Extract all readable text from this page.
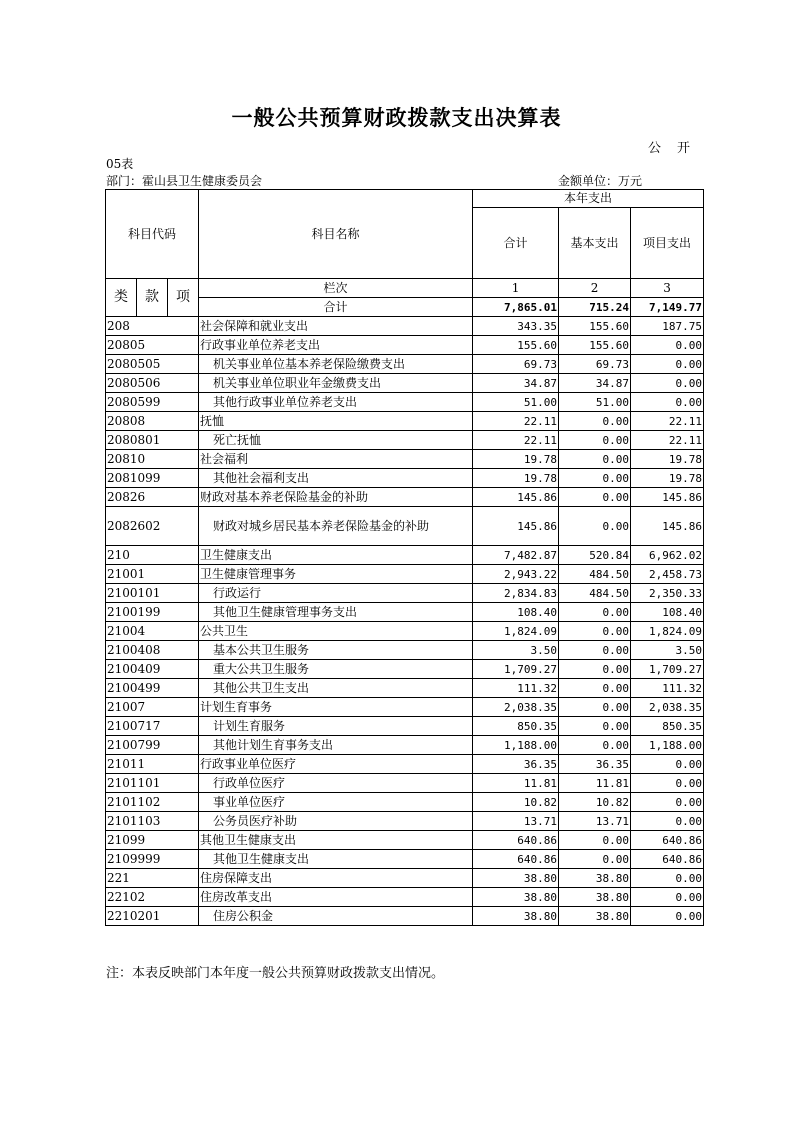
一般公共预算财政拨款支出决算表
公 开
05表
部门：霍山县卫生健康委员会	金额单位：万元
科目代码			科目名称	本年支出		
				合计	基本支出	项目支出
类	款	项	栏次	1	2	3
			合计	7,865.01	715.24	7,149.77
208			社会保障和就业支出	343.35	155.60	187.75
20805			行政事业单位养老支出	155.60	155.60	0.00
2080505			机关事业单位基本养老保险缴费支出	69.73	69.73	0.00
2080506			机关事业单位职业年金缴费支出	34.87	34.87	0.00
2080599			其他行政事业单位养老支出	51.00	51.00	0.00
20808			抚恤	22.11	0.00	22.11
2080801			死亡抚恤	22.11	0.00	22.11
20810			社会福利	19.78	0.00	19.78
2081099			其他社会福利支出	19.78	0.00	19.78
20826			财政对基本养老保险基金的补助	145.86	0.00	145.86
2082602			财政对城乡居民基本养老保险基金的补助	145.86	0.00	145.86
210			卫生健康支出	7,482.87	520.84	6,962.02
21001			卫生健康管理事务	2,943.22	484.50	2,458.73
2100101			行政运行	2,834.83	484.50	2,350.33
2100199			其他卫生健康管理事务支出	108.40	0.00	108.40
21004			公共卫生	1,824.09	0.00	1,824.09
2100408			基本公共卫生服务	3.50	0.00	3.50
2100409			重大公共卫生服务	1,709.27	0.00	1,709.27
2100499			其他公共卫生支出	111.32	0.00	111.32
21007			计划生育事务	2,038.35	0.00	2,038.35
2100717			计划生育服务	850.35	0.00	850.35
2100799			其他计划生育事务支出	1,188.00	0.00	1,188.00
21011			行政事业单位医疗	36.35	36.35	0.00
2101101			行政单位医疗	11.81	11.81	0.00
2101102			事业单位医疗	10.82	10.82	0.00
2101103			公务员医疗补助	13.71	13.71	0.00
21099			其他卫生健康支出	640.86	0.00	640.86
2109999			其他卫生健康支出	640.86	0.00	640.86
221			住房保障支出	38.80	38.80	0.00
22102			住房改革支出	38.80	38.80	0.00
2210201			住房公积金	38.80	38.80	0.00
注：本表反映部门本年度一般公共预算财政拨款支出情况。
